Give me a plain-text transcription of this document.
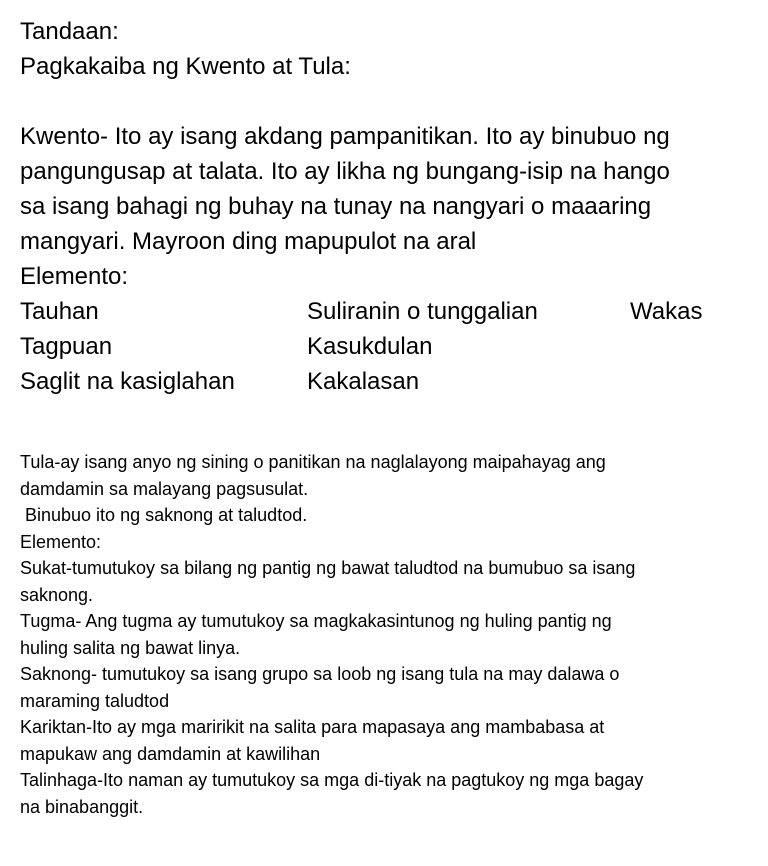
Tandaan:
Pagkakaiba ng Kwento at Tula:
Kwento- Ito ay isang akdang pampanitikan. Ito ay binubuo ng
pangungusap at talata. Ito ay likha ng bungang-isip na hango
sa isang bahagi ng buhay na tunay na nangyari o maaaring
mangyari. Mayroon ding mapupulot na aral
Elemento:
Tauhan	Suliranin o tunggalian	Wakas
Tagpuan	Kasukdulan
Saglit na kasiglahan	Kakalasan
Tula-ay isang anyo ng sining o panitikan na naglalayong maipahayag ang
damdamin sa malayang pagsusulat.
Binubuo ito ng saknong at taludtod.
Elemento:
Sukat-tumutukoy sa bilang ng pantig ng bawat taludtod na bumubuo sa isang
saknong.
Tugma- Ang tugma ay tumutukoy sa magkakasintunog ng huling pantig ng
huling salita ng bawat linya.
Saknong- tumutukoy sa isang grupo sa loob ng isang tula na may dalawa o
maraming taludtod
Kariktan-Ito ay mga maririkit na salita para mapasaya ang mambabasa at
mapukaw ang damdamin at kawilihan
Talinhaga-Ito naman ay tumutukoy sa mga di-tiyak na pagtukoy ng mga bagay
na binabanggit.
